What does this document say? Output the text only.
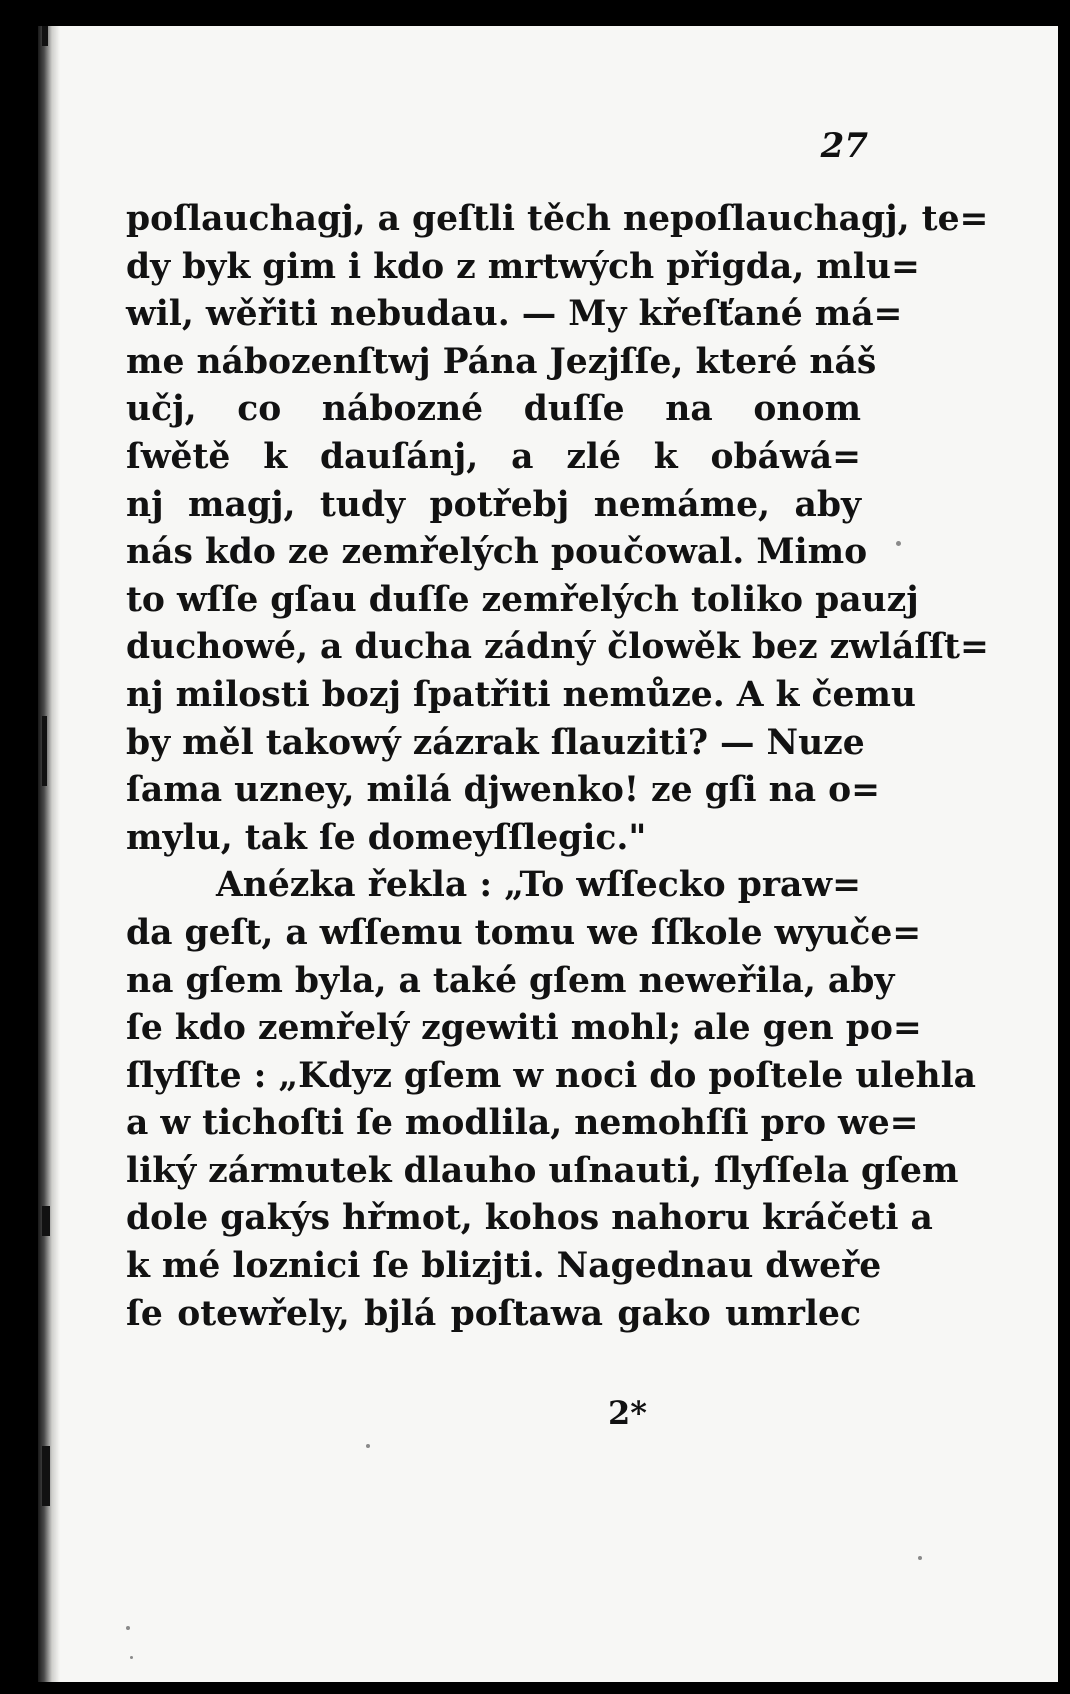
27

poſlauchagj, a geſtli těch nepoſlauchagj, te=
dy byk gim i kdo z mrtwých přigda, mlu=
wil, wěřiti nebudau. — My křeſťané má=
me nábozenſtwj Pána Jezjſſe, které náš
učj, co nábozné duſſe na onom
ſwětě k dauſánj, a zlé k obáwá=
nj magj, tudy potřebj nemáme, aby
nás kdo ze zemřelých poučowal. Mimo
to wſſe gſau duſſe zemřelých toliko pauzj
duchowé, a ducha zádný člowěk bez zwláſſt=
nj milosti bozj ſpatřiti nemůze. A k čemu
by měl takowý zázrak ſlauziti? — Nuze
ſama uzney, milá djwenko! ze gſi na o=
mylu, tak ſe domeyſſlegic."

Anézka řekla : „To wſſecko praw=
da geſt, a wſſemu tomu we ſſkole wyuče=
na gſem byla, a také gſem neweřila, aby
ſe kdo zemřelý zgewiti mohl; ale gen po=
ſlyſſte : „Kdyz gſem w noci do poſtele ulehla
a w tichoſti ſe modlila, nemohſſi pro we=
liký zármutek dlauho uſnauti, ſlyſſela gſem
dole gakýs hřmot, kohos nahoru kráčeti a
k mé loznici ſe blizjti. Nagednau dwеře
ſe otewřely, bjlá poſtawa gako umrlec

2*
